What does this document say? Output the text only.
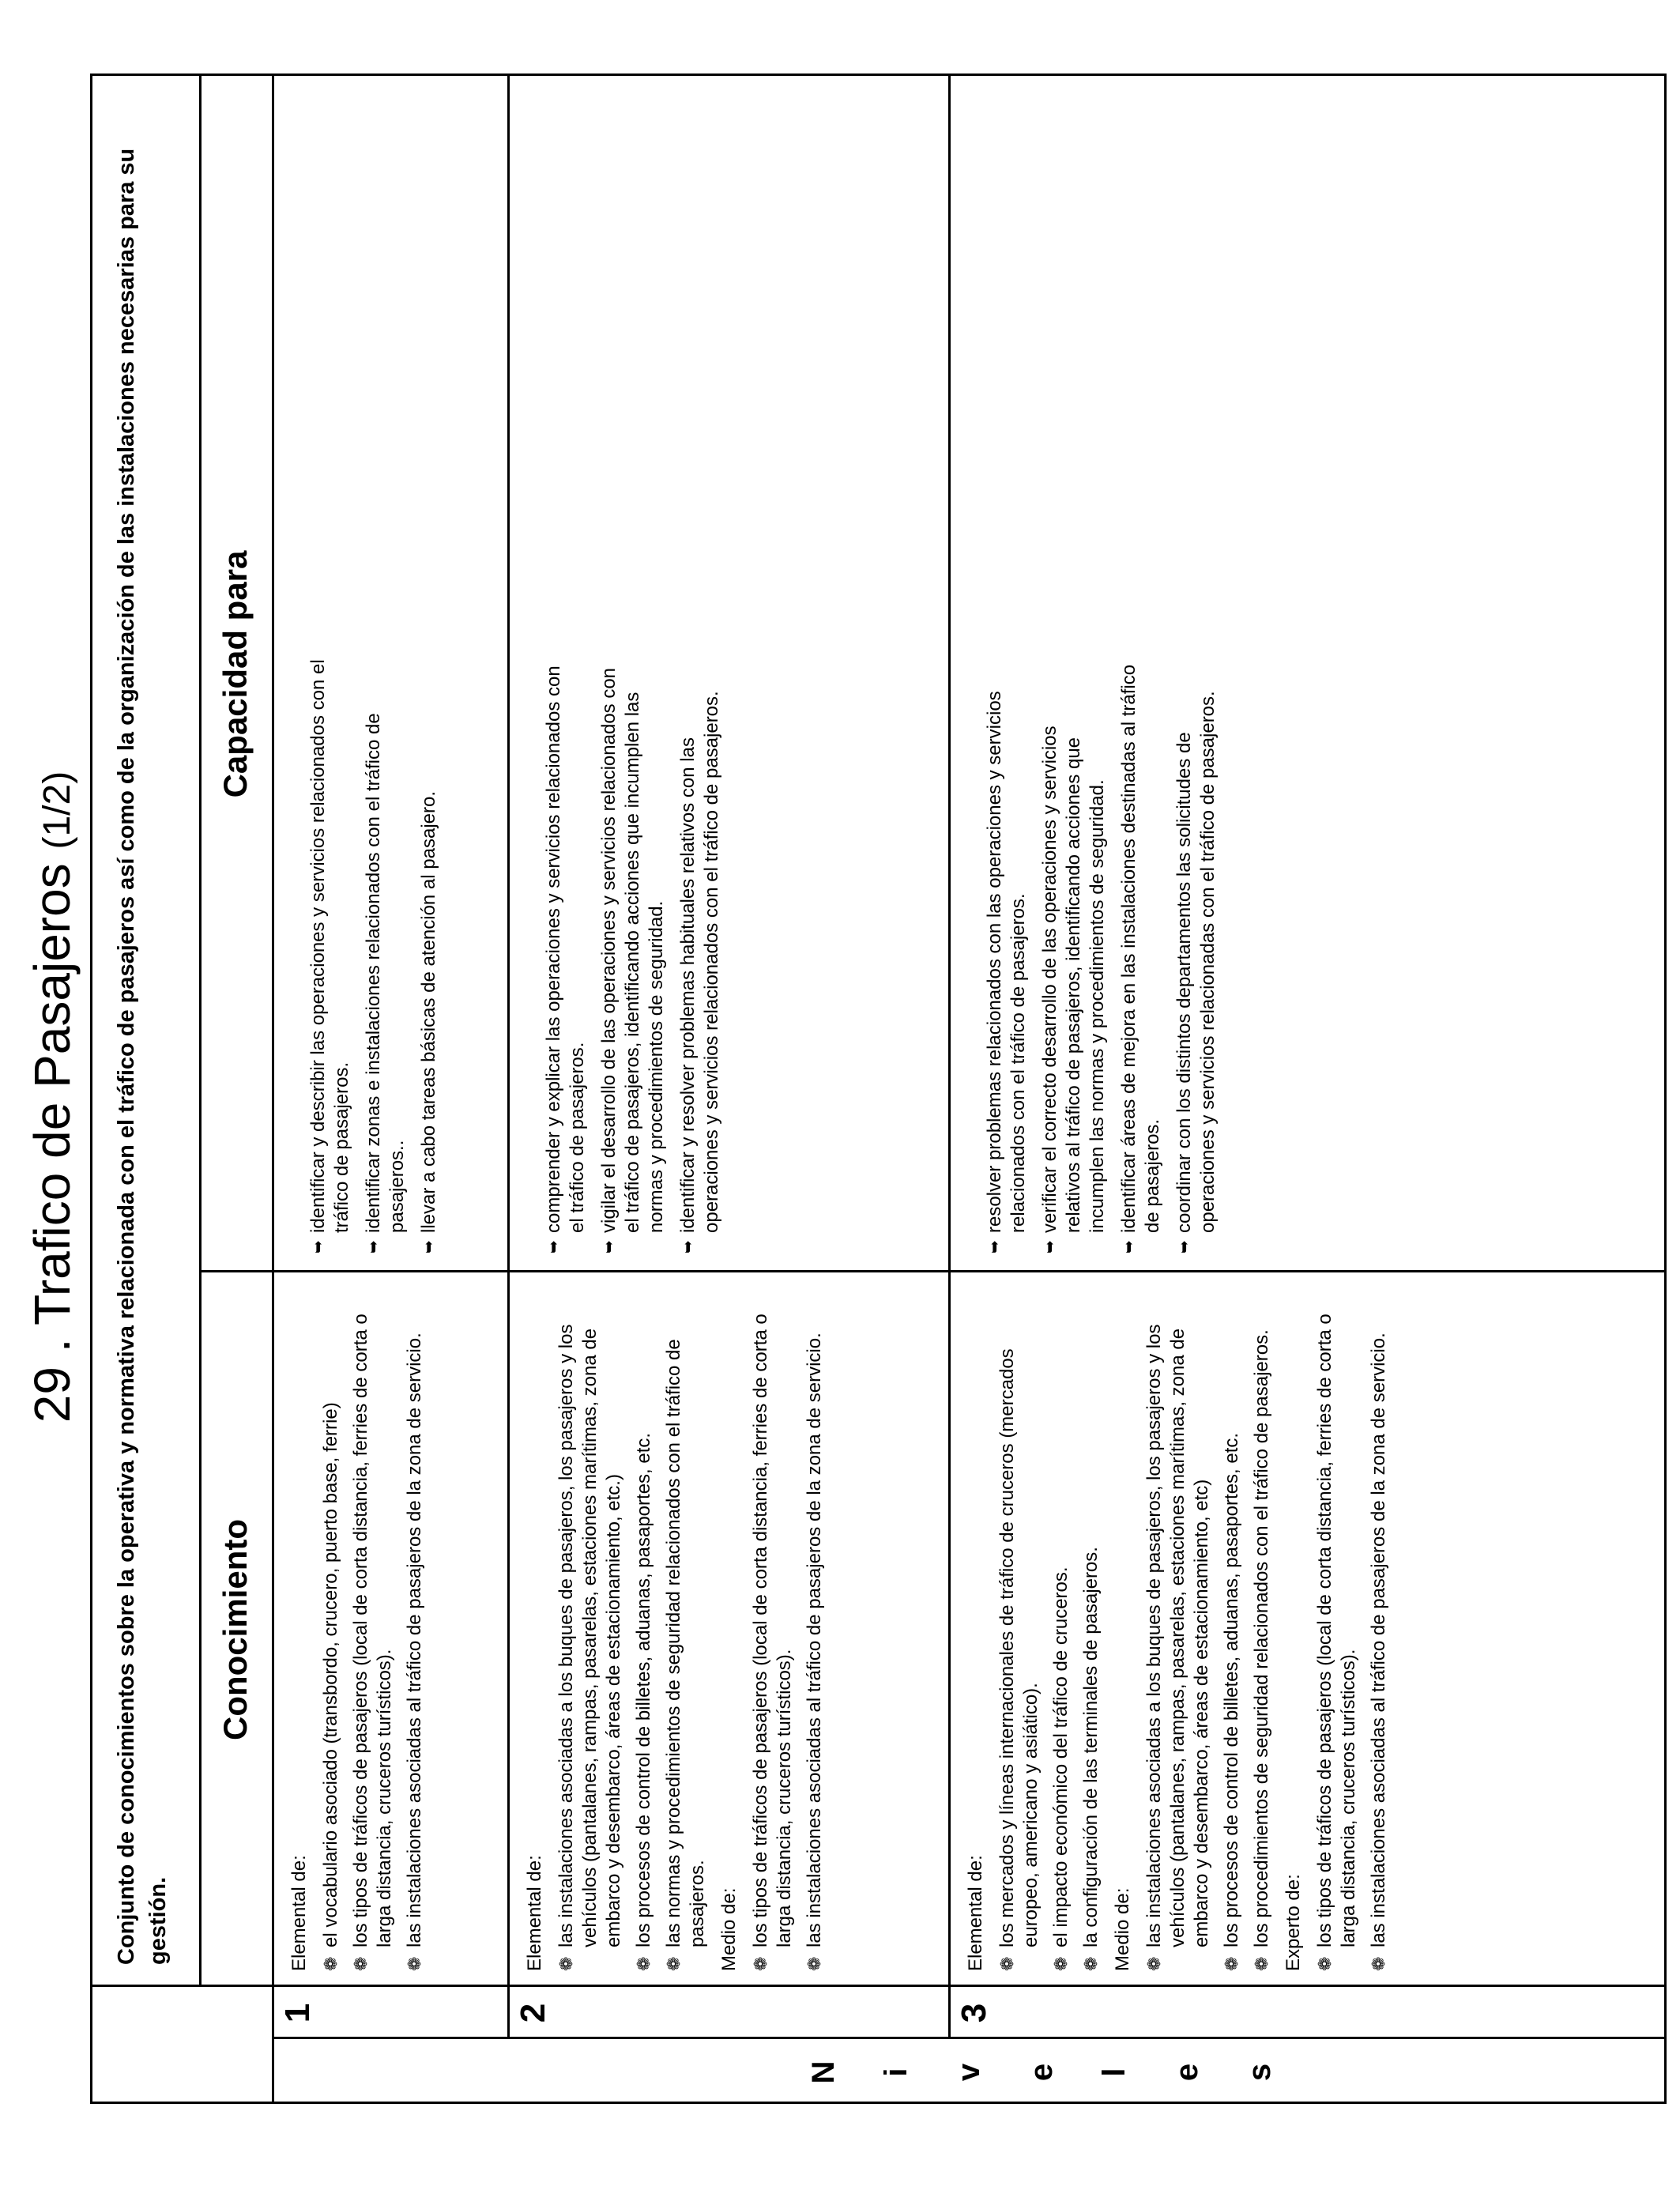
29 . Trafico de Pasajeros (1/2)	Conjunto de conocimientos sobre la operativa y normativa relacionada con el tráfico de pasajeros así como de la organización de las instalaciones necesarias para su gestión.
Conocimiento
Capacidad para
N i v e l e s
1

Elemental de: ❁
el vocabulario asociado (transbordo, crucero, puerto base, ferrie)
❁
los tipos de tráficos de pasajeros (local de corta distancia, ferries de corta o larga distancia, cruceros turísticos).
❁
las instalaciones asociadas al tráfico de pasajeros de la zona de servicio.
➥
identificar y describir las operaciones y servicios relacionados con el tráfico de pasajeros.
➥
identificar zonas e instalaciones relacionados con el tráfico de pasajeros..
➥
llevar a cabo tareas básicas de atención al pasajero.
2

Elemental de: ❁
las instalaciones asociadas a los buques de pasajeros, los pasajeros y los vehículos (pantalanes, rampas, pasarelas, estaciones marítimas, zona de embarco y desembarco, áreas de estacionamiento, etc.)
❁
los procesos de control de billetes, aduanas, pasaportes, etc.
❁
las normas y procedimientos de seguridad relacionados con el tráfico de pasajeros. Medio de: ❁
los tipos de tráficos de pasajeros (local de corta distancia, ferries de corta o larga distancia, cruceros turísticos).
❁
las instalaciones asociadas al tráfico de pasajeros de la zona de servicio.
➥
comprender y explicar las operaciones y servicios relacionados con el tráfico de pasajeros.
➥
vigilar el desarrollo de las operaciones y servicios relacionados con el tráfico de pasajeros, identificando acciones que incumplen las normas y procedimientos de seguridad.
➥
identificar y resolver problemas habituales relativos con las operaciones y servicios relacionados con el tráfico de pasajeros.
3

Elemental de: ❁
los mercados y líneas internacionales de tráfico de cruceros (mercados europeo, americano y asiático).
❁
el impacto económico del tráfico de cruceros.
❁
la configuración de las terminales de pasajeros. Medio de: ❁
las instalaciones asociadas a los buques de pasajeros, los pasajeros y los vehículos (pantalanes, rampas, pasarelas, estaciones marítimas, zona de embarco y desembarco, áreas de estacionamiento, etc)
❁
los procesos de control de billetes, aduanas, pasaportes, etc.
❁
los procedimientos de seguridad relacionados con el tráfico de pasajeros. Experto de: ❁
los tipos de tráficos de pasajeros (local de corta distancia, ferries de corta o larga distancia, cruceros turísticos).
❁
las instalaciones asociadas al tráfico de pasajeros de la zona de servicio.
➥
resolver problemas relacionados con las operaciones y servicios relacionados con el tráfico de pasajeros.
➥
verificar el correcto desarrollo de las operaciones y servicios relativos al tráfico de pasajeros, identificando acciones que incumplen las normas y procedimientos de seguridad.
➥
identificar áreas de mejora en las instalaciones destinadas al tráfico de pasajeros.
➥
coordinar con los distintos departamentos las solicitudes de operaciones y servicios relacionadas con el tráfico de pasajeros.
